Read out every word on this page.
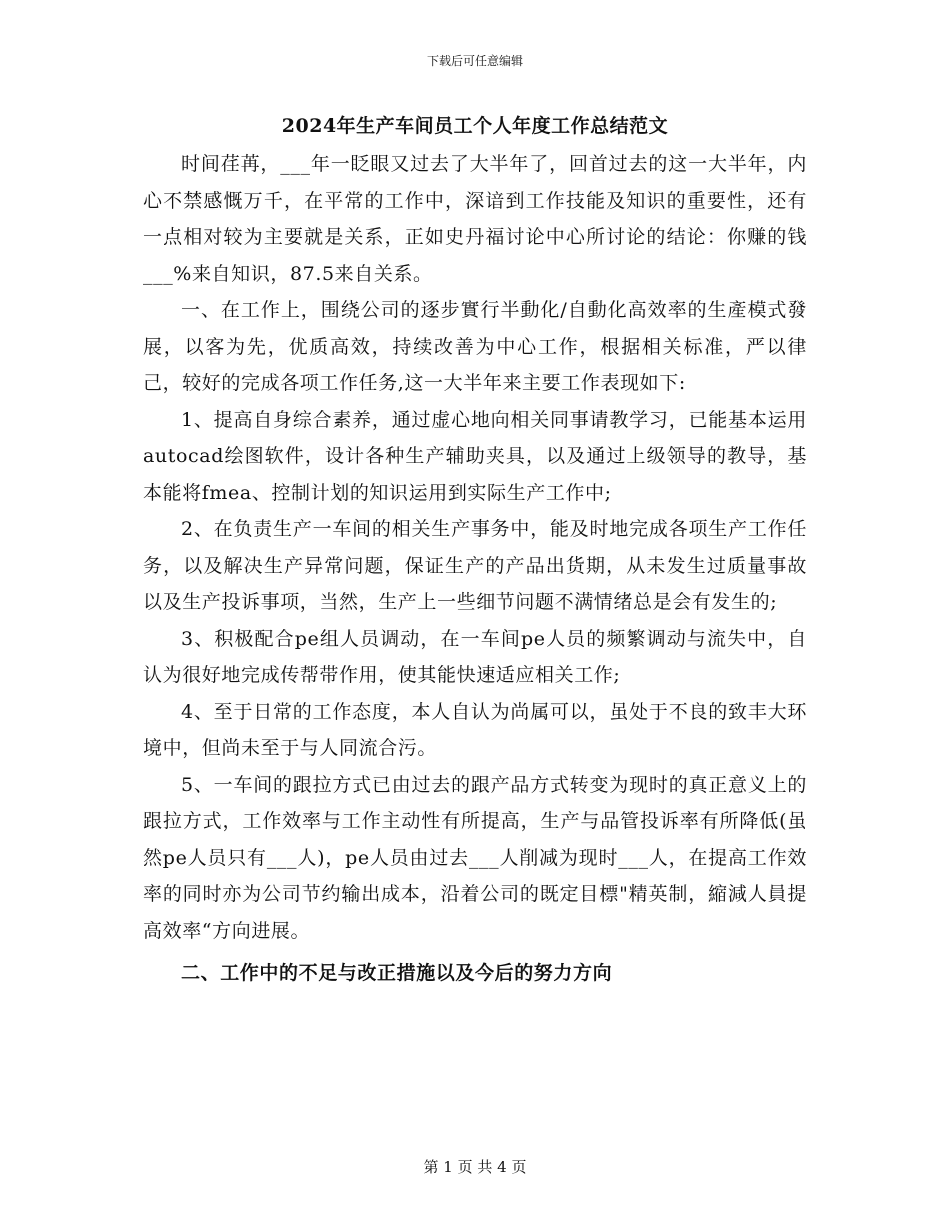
下载后可任意编辑
2024年生产车间员工个人年度工作总结范文

时间荏苒，___年一眨眼又过去了大半年了，回首过去的这一大半年，内心不禁感慨万千，在平常的工作中，深谙到工作技能及知识的重要性，还有一点相对较为主要就是关系，正如史丹福讨论中心所讨论的结论：你赚的钱___%来自知识，87.5来自关系。

一、在工作上，围绕公司的逐步實行半動化/自動化高效率的生產模式發展，以客为先，优质高效，持续改善为中心工作，根据相关标准，严以律己，较好的完成各项工作任务,这一大半年来主要工作表现如下:

1、提高自身综合素养，通过虚心地向相关同事请教学习，已能基本运用autocad绘图软件，设计各种生产辅助夹具，以及通过上级领导的教导，基本能将fmea、控制计划的知识运用到实际生产工作中;

2、在负责生产一车间的相关生产事务中，能及时地完成各项生产工作任务，以及解决生产异常问题，保证生产的产品出货期，从未发生过质量事故以及生产投诉事项，当然，生产上一些细节问题不满情绪总是会有发生的;

3、积极配合pe组人员调动，在一车间pe人员的频繁调动与流失中，自认为很好地完成传帮带作用，使其能快速适应相关工作;

4、至于日常的工作态度，本人自认为尚属可以，虽处于不良的致丰大环境中，但尚未至于与人同流合污。

5、一车间的跟拉方式已由过去的跟产品方式转变为现时的真正意义上的跟拉方式，工作效率与工作主动性有所提高，生产与品管投诉率有所降低(虽然pe人员只有___人)，pe人员由过去___人削减为现时___人，在提高工作效率的同时亦为公司节约输出成本，沿着公司的既定目標"精英制，縮減人員提高效率“方向进展。

二、工作中的不足与改正措施以及今后的努力方向
第 1 页 共 4 页
